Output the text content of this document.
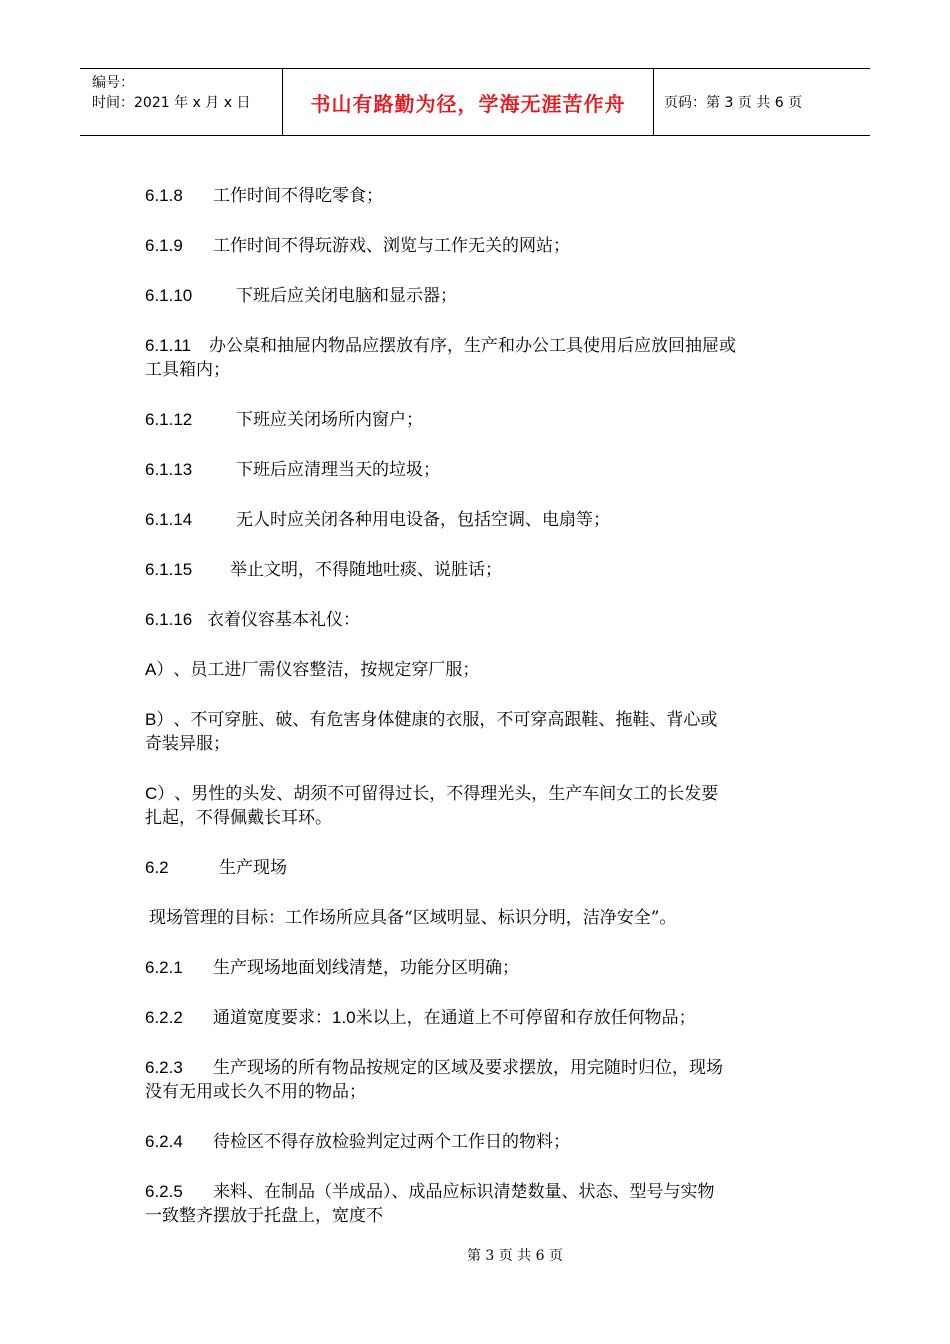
编号：
时间：2021 年 x 月 x 日	书山有路勤为径，学海无涯苦作舟	页码：第 3 页 共 6 页
6.1.8 工作时间不得吃零食；
6.1.9 工作时间不得玩游戏、浏览与工作无关的网站；
6.1.10	下班后应关闭电脑和显示器；
6.1.11 办公桌和抽屉内物品应摆放有序，生产和办公工具使用后应放回抽屉或
工具箱内；
6.1.12	下班应关闭场所内窗户；
6.1.13	下班后应清理当天的垃圾；
6.1.14	无人时应关闭各种用电设备，包括空调、电扇等；
6.1.15 举止文明，不得随地吐痰、说脏话；
6.1.16 衣着仪容基本礼仪：
A）、员工进厂需仪容整洁，按规定穿厂服；
B）、不可穿脏、破、有危害身体健康的衣服，不可穿高跟鞋、拖鞋、背心或
奇装异服；
C）、男性的头发、胡须不可留得过长，不得理光头，生产车间女工的长发要
扎起，不得佩戴长耳环。
6.2	生产现场
现场管理的目标：工作场所应具备“区域明显、标识分明，洁净安全”。
6.2.1 生产现场地面划线清楚，功能分区明确；
6.2.2 通道宽度要求：1.0米以上，在通道上不可停留和存放任何物品；
6.2.3 生产现场的所有物品按规定的区域及要求摆放，用完随时归位，现场
没有无用或长久不用的物品；
6.2.4 待检区不得存放检验判定过两个工作日的物料；
6.2.5 来料、在制品（半成品）、成品应标识清楚数量、状态、型号与实物
一致整齐摆放于托盘上，宽度不
第 3 页 共 6 页
